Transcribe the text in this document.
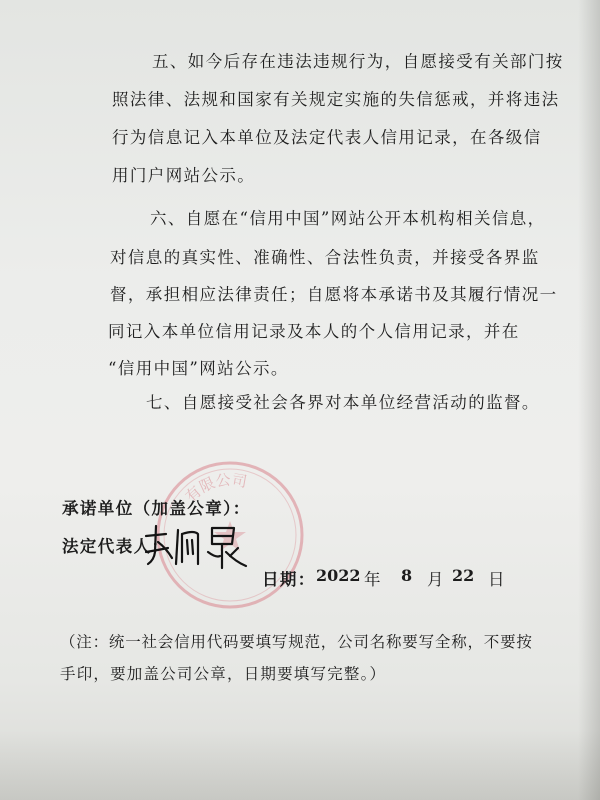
五、如今后存在违法违规行为，自愿接受有关部门按
照法律、法规和国家有关规定实施的失信惩戒，并将违法
行为信息记入本单位及法定代表人信用记录，在各级信
用门户网站公示。
六、自愿在“信用中国”网站公开本机构相关信息，
对信息的真实性、准确性、合法性负责，并接受各界监
督，承担相应法律责任；自愿将本承诺书及其履行情况一
同记入本单位信用记录及本人的个人信用记录，并在
“信用中国”网站公示。
七、自愿接受社会各界对本单位经营活动的监督。
有限公司
承诺单位（加盖公章）：
法定代表人：
日期： 2022 年 8 月 22 日
（注：统一社会信用代码要填写规范，公司名称要写全称，不要按
手印，要加盖公司公章，日期要填写完整。）
